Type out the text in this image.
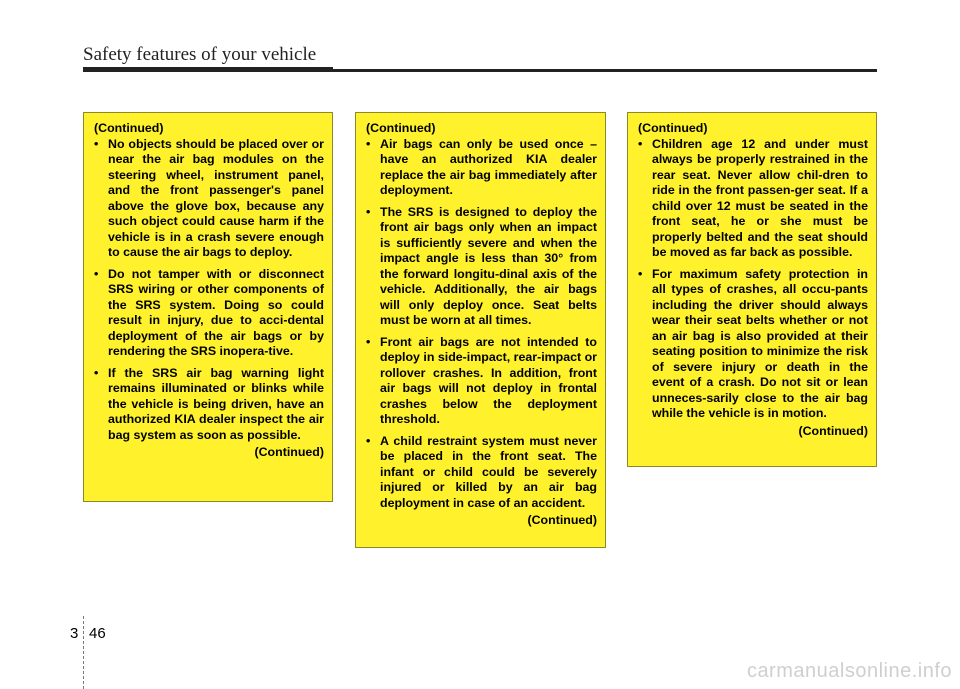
Safety features of your vehicle
(Continued)
• No objects should be placed over or near the air bag modules on the steering wheel, instrument panel, and the front passenger's panel above the glove box, because any such object could cause harm if the vehicle is in a crash severe enough to cause the air bags to deploy.
• Do not tamper with or disconnect SRS wiring or other components of the SRS system. Doing so could result in injury, due to acci-dental deployment of the air bags or by rendering the SRS inopera-tive.
• If the SRS air bag warning light remains illuminated or blinks while the vehicle is being driven, have an authorized KIA dealer inspect the air bag system as soon as possible.
(Continued)
(Continued)
• Air bags can only be used once – have an authorized KIA dealer replace the air bag immediately after deployment.
• The SRS is designed to deploy the front air bags only when an impact is sufficiently severe and when the impact angle is less than 30° from the forward longitu-dinal axis of the vehicle. Additionally, the air bags will only deploy once. Seat belts must be worn at all times.
• Front air bags are not intended to deploy in side-impact, rear-impact or rollover crashes. In addition, front air bags will not deploy in frontal crashes below the deployment threshold.
• A child restraint system must never be placed in the front seat. The infant or child could be severely injured or killed by an air bag deployment in case of an accident.
(Continued)
(Continued)
• Children age 12 and under must always be properly restrained in the rear seat. Never allow chil-dren to ride in the front passen-ger seat. If a child over 12 must be seated in the front seat, he or she must be properly belted and the seat should be moved as far back as possible.
• For maximum safety protection in all types of crashes, all occu-pants including the driver should always wear their seat belts whether or not an air bag is also provided at their seating position to minimize the risk of severe injury or death in the event of a crash. Do not sit or lean unneces-sarily close to the air bag while the vehicle is in motion.
(Continued)
3 46
carmanualsonline.info
